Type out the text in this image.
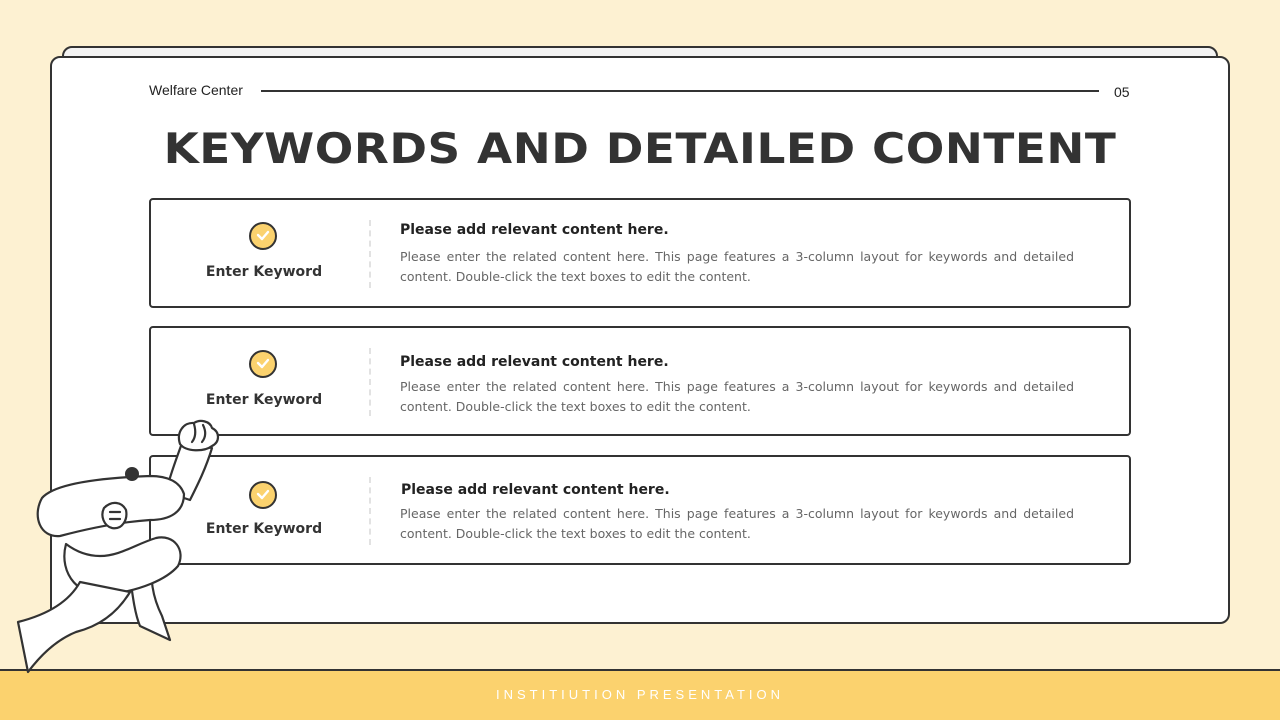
Welfare Center	05
KEYWORDS AND DETAILED CONTENT
Enter Keyword
Please add relevant content here.
Please enter the related content here. This page features a 3-column layout for keywords and detailed content. Double-click the text boxes to edit the content.
Enter Keyword
Please add relevant content here.
Please enter the related content here. This page features a 3-column layout for keywords and detailed content. Double-click the text boxes to edit the content.
Enter Keyword
Please add relevant content here.
Please enter the related content here. This page features a 3-column layout for keywords and detailed content. Double-click the text boxes to edit the content.
INSTITIUTION PRESENTATION
